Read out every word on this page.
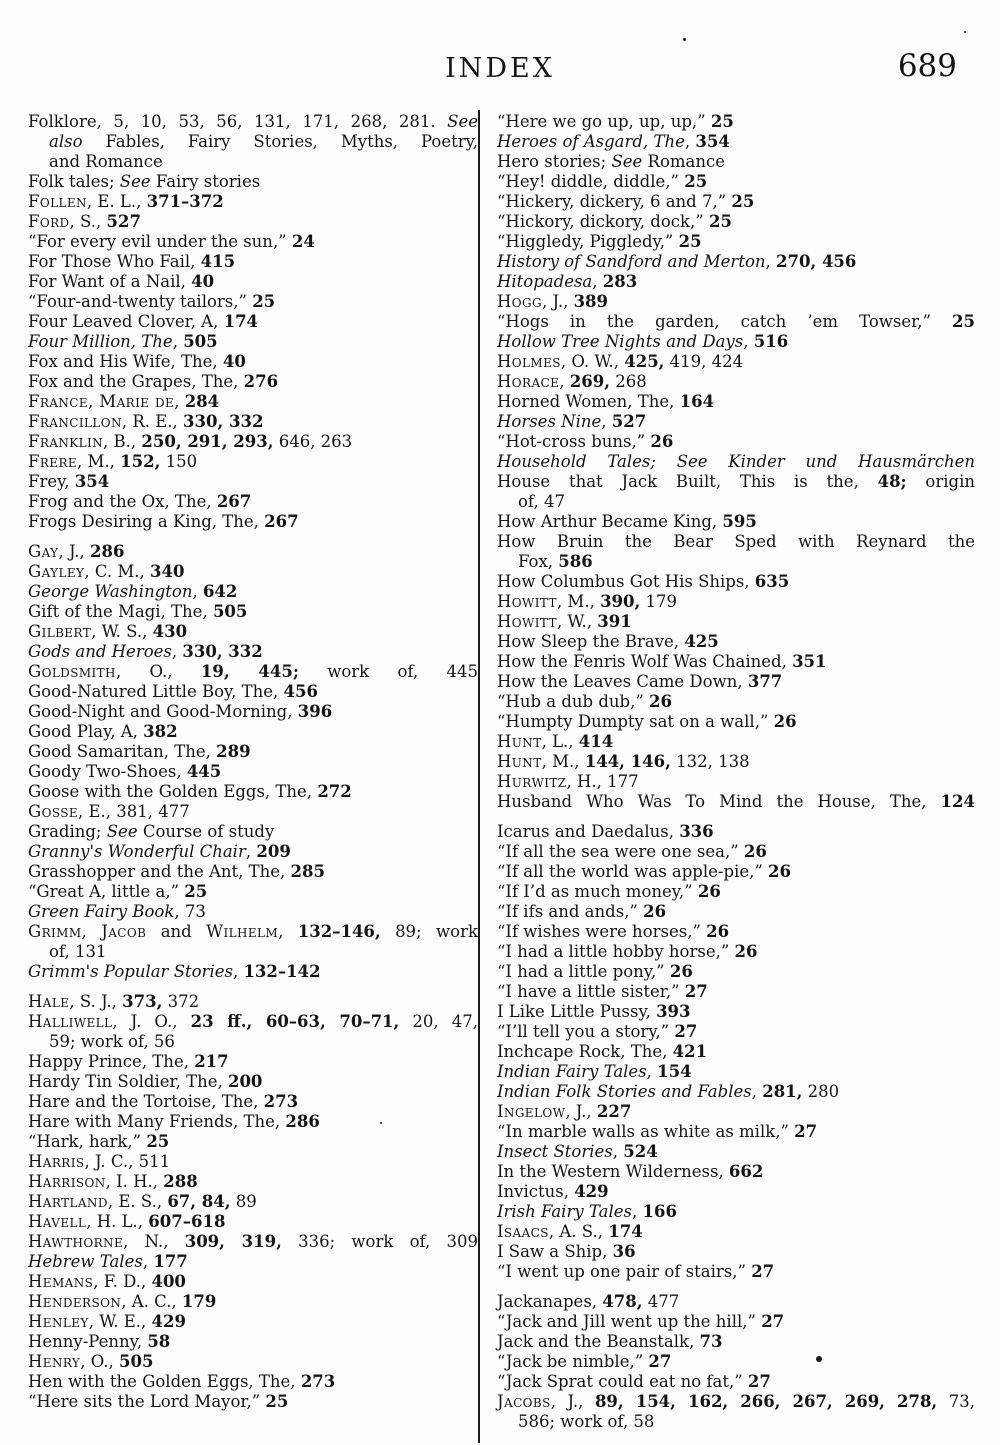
INDEX	689
Folklore, 5, 10, 53, 56, 131, 171, 268, 281. See
also Fables, Fairy Stories, Myths, Poetry,
and Romance
Folk tales; See Fairy stories
Follen, E. L., 371–372
Ford, S., 527
“For every evil under the sun,” 24
For Those Who Fail, 415
For Want of a Nail, 40
“Four-and-twenty tailors,” 25
Four Leaved Clover, A, 174
Four Million, The, 505
Fox and His Wife, The, 40
Fox and the Grapes, The, 276
France, Marie de, 284
Francillon, R. E., 330, 332
Franklin, B., 250, 291, 293, 646, 263
Frere, M., 152, 150
Frey, 354
Frog and the Ox, The, 267
Frogs Desiring a King, The, 267
Gay, J., 286
Gayley, C. M., 340
George Washington, 642
Gift of the Magi, The, 505
Gilbert, W. S., 430
Gods and Heroes, 330, 332
Goldsmith, O., 19, 445; work of, 445
Good-Natured Little Boy, The, 456
Good-Night and Good-Morning, 396
Good Play, A, 382
Good Samaritan, The, 289
Goody Two-Shoes, 445
Goose with the Golden Eggs, The, 272
Gosse, E., 381, 477
Grading; See Course of study
Granny's Wonderful Chair, 209
Grasshopper and the Ant, The, 285
“Great A, little a,” 25
Green Fairy Book, 73
Grimm, Jacob and Wilhelm, 132–146, 89; work
of, 131
Grimm's Popular Stories, 132–142
Hale, S. J., 373, 372
Halliwell, J. O., 23 ff., 60–63, 70–71, 20, 47,
59; work of, 56
Happy Prince, The, 217
Hardy Tin Soldier, The, 200
Hare and the Tortoise, The, 273
Hare with Many Friends, The, 286
“Hark, hark,” 25
Harris, J. C., 511
Harrison, I. H., 288
Hartland, E. S., 67, 84, 89
Havell, H. L., 607–618
Hawthorne, N., 309, 319, 336; work of, 309
Hebrew Tales, 177
Hemans, F. D., 400
Henderson, A. C., 179
Henley, W. E., 429
Henny-Penny, 58
Henry, O., 505
Hen with the Golden Eggs, The, 273
“Here sits the Lord Mayor,” 25
“Here we go up, up, up,” 25
Heroes of Asgard, The, 354
Hero stories; See Romance
“Hey! diddle, diddle,” 25
“Hickery, dickery, 6 and 7,” 25
“Hickory, dickory, dock,” 25
“Higgledy, Piggledy,” 25
History of Sandford and Merton, 270, 456
Hitopadesa, 283
Hogg, J., 389
“Hogs in the garden, catch ’em Towser,” 25
Hollow Tree Nights and Days, 516
Holmes, O. W., 425, 419, 424
Horace, 269, 268
Horned Women, The, 164
Horses Nine, 527
“Hot-cross buns,” 26
Household Tales; See Kinder und Hausmärchen
House that Jack Built, This is the, 48; origin
of, 47
How Arthur Became King, 595
How Bruin the Bear Sped with Reynard the
Fox, 586
How Columbus Got His Ships, 635
Howitt, M., 390, 179
Howitt, W., 391
How Sleep the Brave, 425
How the Fenris Wolf Was Chained, 351
How the Leaves Came Down, 377
“Hub a dub dub,” 26
“Humpty Dumpty sat on a wall,” 26
Hunt, L., 414
Hunt, M., 144, 146, 132, 138
Hurwitz, H., 177
Husband Who Was To Mind the House, The, 124
Icarus and Daedalus, 336
“If all the sea were one sea,” 26
“If all the world was apple-pie,” 26
“If I’d as much money,” 26
“If ifs and ands,” 26
“If wishes were horses,” 26
“I had a little hobby horse,” 26
“I had a little pony,” 26
“I have a little sister,” 27
I Like Little Pussy, 393
“I’ll tell you a story,” 27
Inchcape Rock, The, 421
Indian Fairy Tales, 154
Indian Folk Stories and Fables, 281, 280
Ingelow, J., 227
“In marble walls as white as milk,” 27
Insect Stories, 524
In the Western Wilderness, 662
Invictus, 429
Irish Fairy Tales, 166
Isaacs, A. S., 174
I Saw a Ship, 36
“I went up one pair of stairs,” 27
Jackanapes, 478, 477
“Jack and Jill went up the hill,” 27
Jack and the Beanstalk, 73
“Jack be nimble,” 27
“Jack Sprat could eat no fat,” 27
Jacobs, J., 89, 154, 162, 266, 267, 269, 278, 73,
586; work of, 58
